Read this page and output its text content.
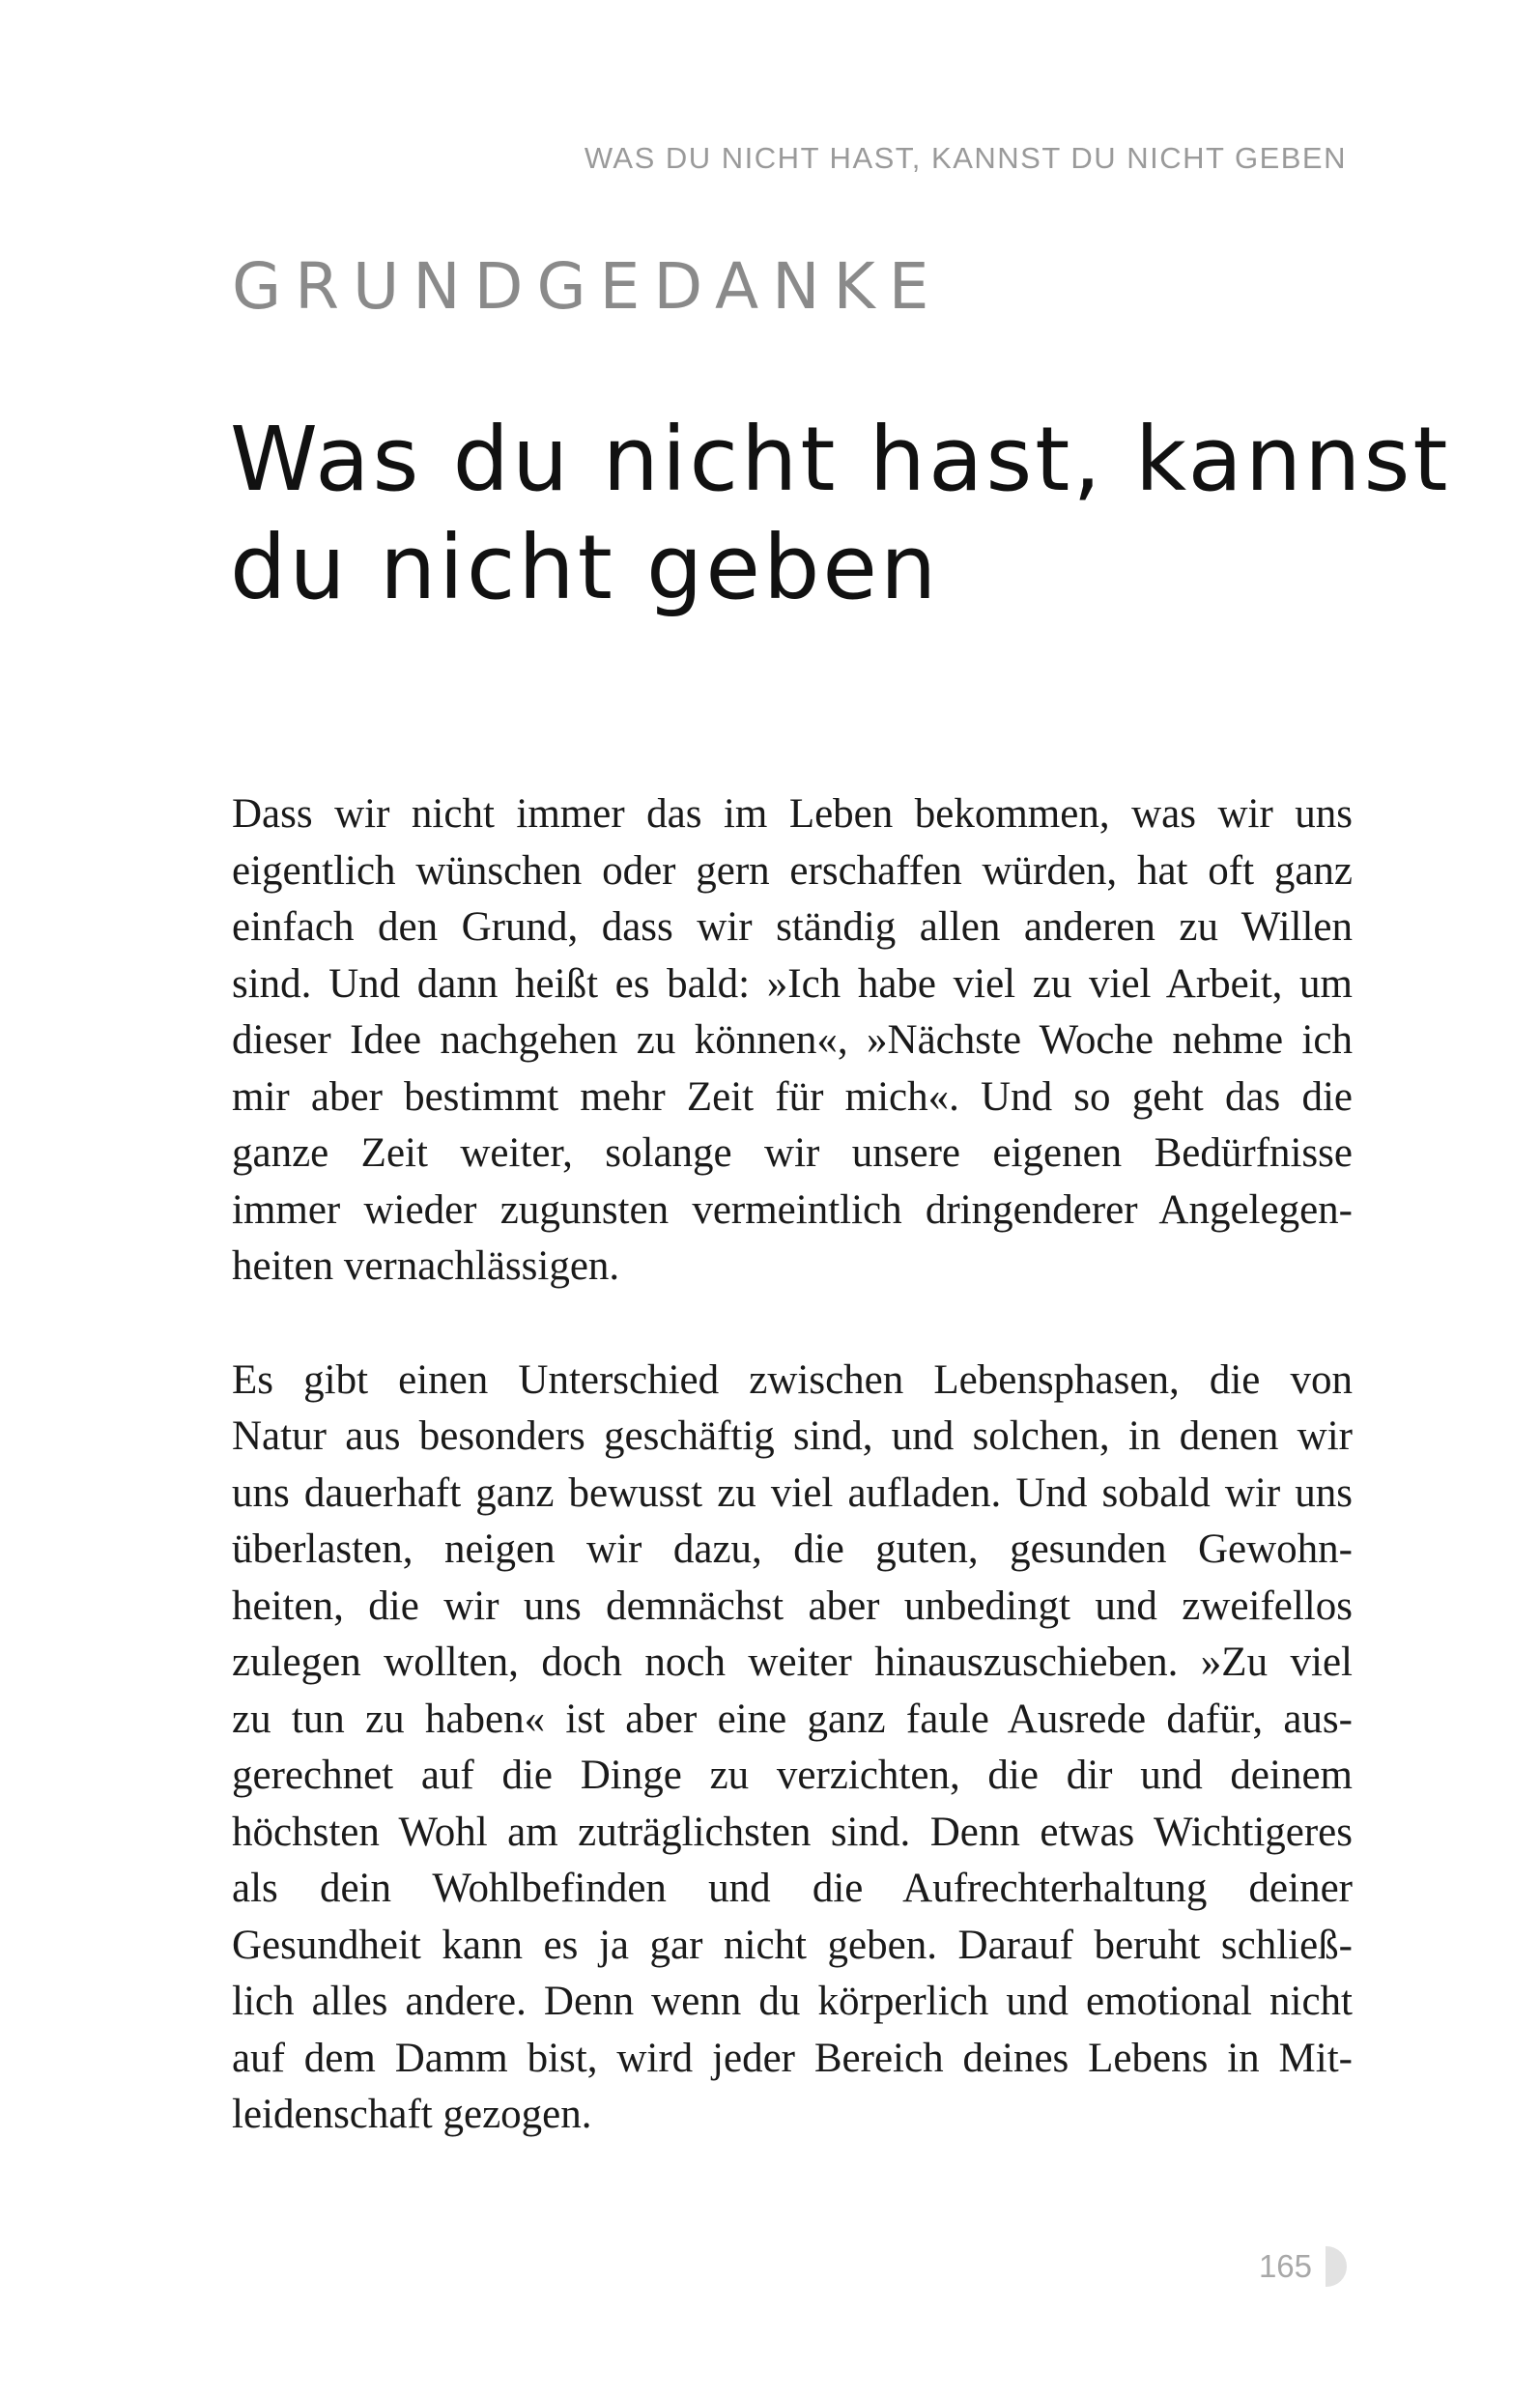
WAS DU NICHT HAST, KANNST DU NICHT GEBEN
GRUNDGEDANKE
Was du nicht hast, kannst
du nicht geben
Dass wir nicht immer das im Leben bekommen, was wir uns
eigentlich wünschen oder gern erschaffen würden, hat oft ganz
einfach den Grund, dass wir ständig allen anderen zu Willen
sind. Und dann heißt es bald: »Ich habe viel zu viel Arbeit, um
dieser Idee nachgehen zu können«, »Nächste Woche nehme ich
mir aber bestimmt mehr Zeit für mich«. Und so geht das die
ganze Zeit weiter, solange wir unsere eigenen Bedürfnisse
immer wieder zugunsten vermeintlich dringenderer Angelegen-
heiten vernachlässigen.
Es gibt einen Unterschied zwischen Lebensphasen, die von
Natur aus besonders geschäftig sind, und solchen, in denen wir
uns dauerhaft ganz bewusst zu viel aufladen. Und sobald wir uns
überlasten, neigen wir dazu, die guten, gesunden Gewohn-
heiten, die wir uns demnächst aber unbedingt und zweifellos
zulegen wollten, doch noch weiter hinauszuschieben. »Zu viel
zu tun zu haben« ist aber eine ganz faule Ausrede dafür, aus-
gerechnet auf die Dinge zu verzichten, die dir und deinem
höchsten Wohl am zuträglichsten sind. Denn etwas Wichtigeres
als dein Wohlbefinden und die Aufrechterhaltung deiner
Gesundheit kann es ja gar nicht geben. Darauf beruht schließ-
lich alles andere. Denn wenn du körperlich und emotional nicht
auf dem Damm bist, wird jeder Bereich deines Lebens in Mit-
leidenschaft gezogen.
165
